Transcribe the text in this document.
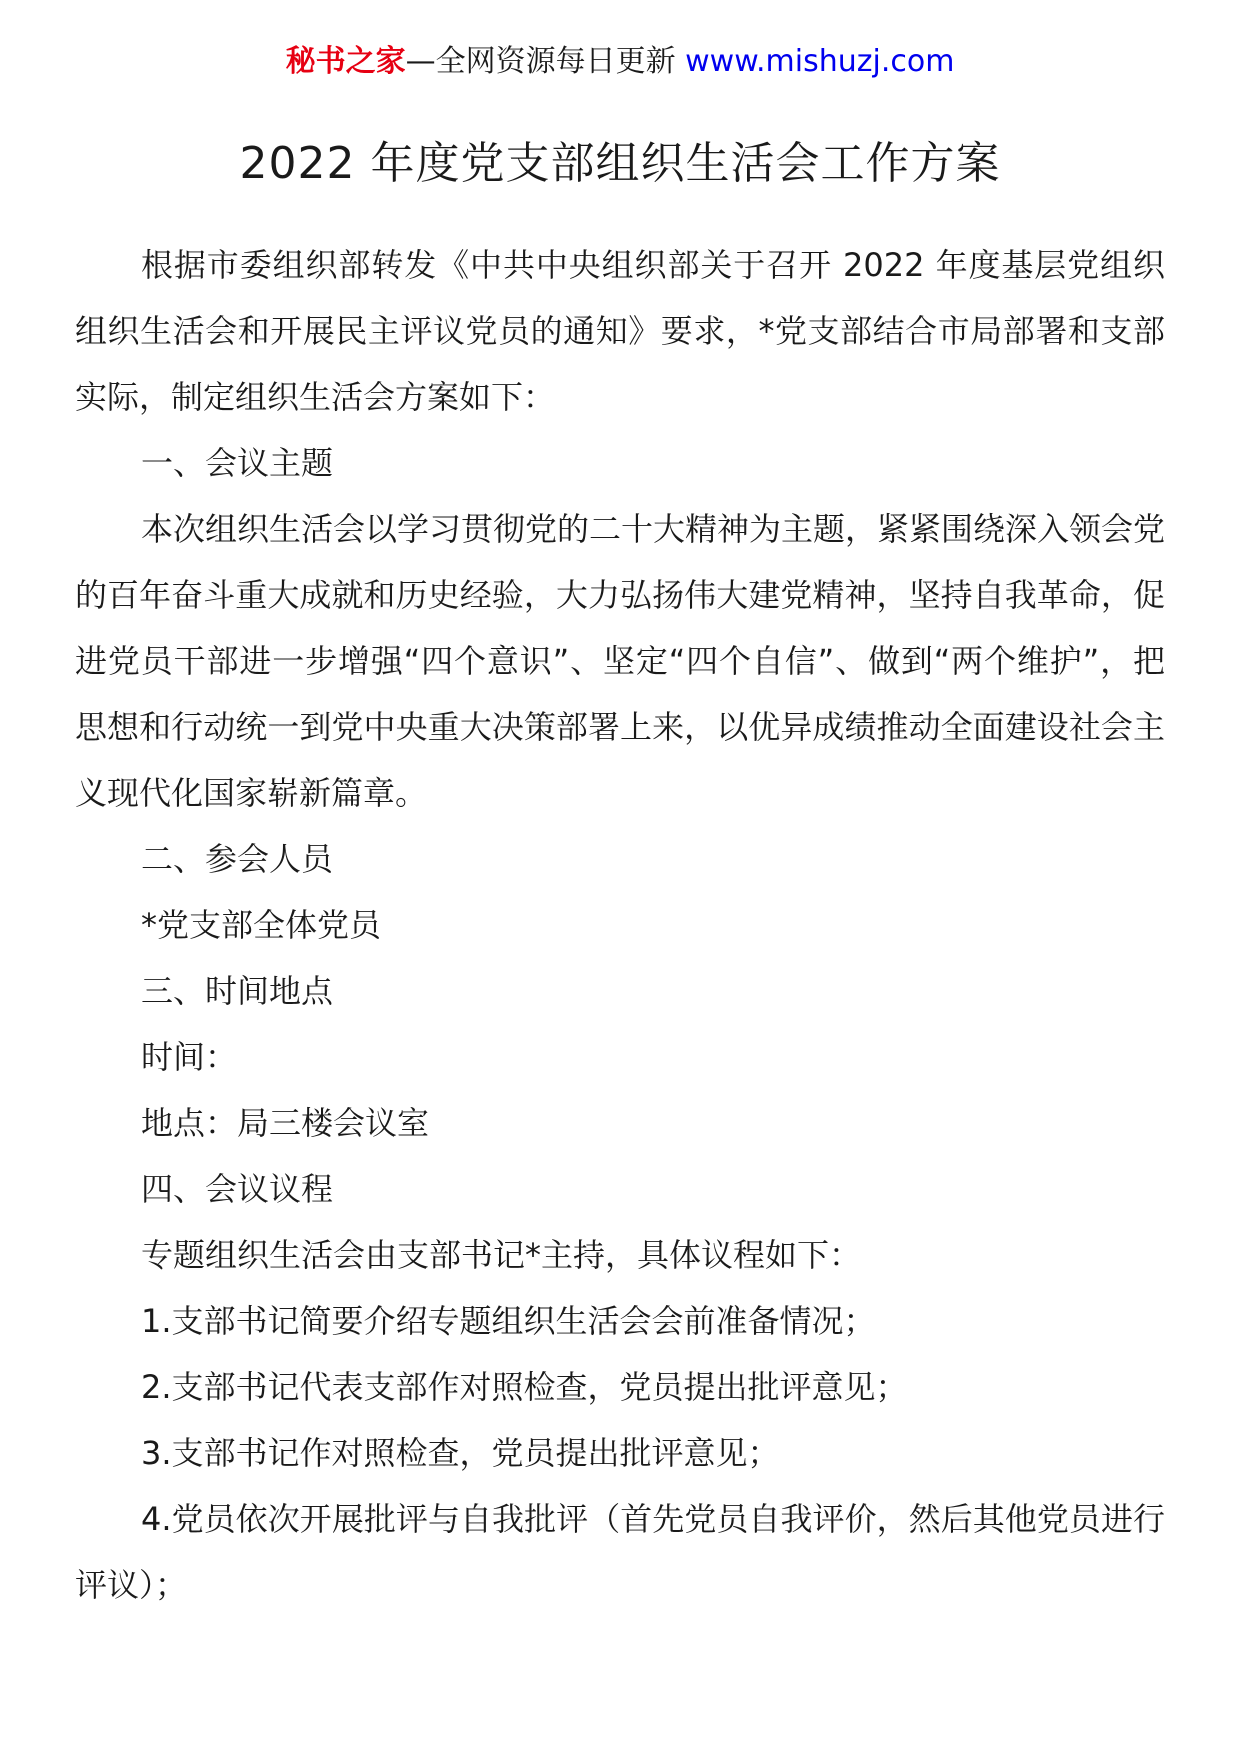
秘书之家—全网资源每日更新 www.mishuzj.com
2022 年度党支部组织生活会工作方案

根据市委组织部转发《中共中央组织部关于召开 2022 年度基层党组织组织生活会和开展民主评议党员的通知》要求，*党支部结合市局部署和支部实际，制定组织生活会方案如下：

一、会议主题

本次组织生活会以学习贯彻党的二十大精神为主题，紧紧围绕深入领会党的百年奋斗重大成就和历史经验，大力弘扬伟大建党精神，坚持自我革命，促进党员干部进一步增强“四个意识”、坚定“四个自信”、做到“两个维护”，把思想和行动统一到党中央重大决策部署上来，以优异成绩推动全面建设社会主义现代化国家崭新篇章。

二、参会人员

*党支部全体党员

三、时间地点

时间：

地点：局三楼会议室

四、会议议程

专题组织生活会由支部书记*主持，具体议程如下：

1.支部书记简要介绍专题组织生活会会前准备情况；

2.支部书记代表支部作对照检查，党员提出批评意见；

3.支部书记作对照检查，党员提出批评意见；

4.党员依次开展批评与自我批评（首先党员自我评价，然后其他党员进行评议）；
